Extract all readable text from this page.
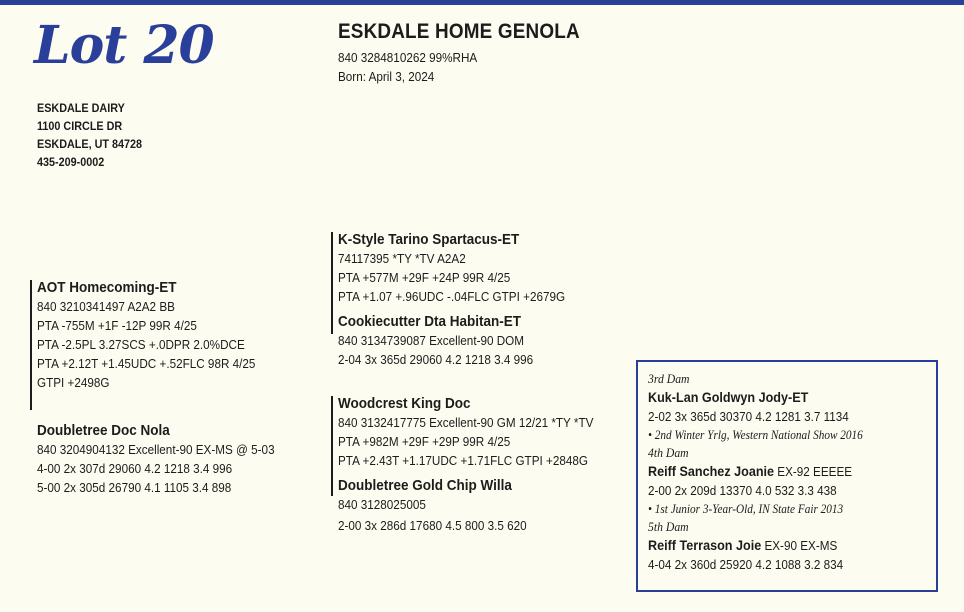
Lot 20
ESKDALE DAIRY
1100 CIRCLE DR
ESKDALE, UT 84728
435-209-0002
ESKDALE HOME GENOLA
840 3284810262 99%RHA
Born: April 3, 2024
AOT Homecoming-ET
840 3210341497 A2A2 BB
PTA -755M +1F -12P 99R 4/25
PTA -2.5PL 3.27SCS +.0DPR 2.0%DCE
PTA +2.12T +1.45UDC +.52FLC 98R 4/25
GTPI +2498G
Doubletree Doc Nola
840 3204904132 Excellent-90 EX-MS @ 5-03
4-00 2x 307d 29060 4.2 1218 3.4 996
5-00 2x 305d 26790 4.1 1105 3.4 898
K-Style Tarino Spartacus-ET
74117395 *TY *TV A2A2
PTA +577M +29F +24P 99R 4/25
PTA +1.07 +.96UDC -.04FLC GTPI +2679G
Cookiecutter Dta Habitan-ET
840 3134739087 Excellent-90 DOM
2-04 3x 365d 29060 4.2 1218 3.4 996
Woodcrest King Doc
840 3132417775 Excellent-90 GM 12/21 *TY *TV
PTA +982M +29F +29P 99R 4/25
PTA +2.43T +1.17UDC +1.71FLC GTPI +2848G
Doubletree Gold Chip Willa
840 3128025005
2-00 3x 286d 17680 4.5 800 3.5 620
3rd Dam
Kuk-Lan Goldwyn Jody-ET
2-02 3x 365d 30370 4.2 1281 3.7 1134
• 2nd Winter Yrlg, Western National Show 2016
4th Dam
Reiff Sanchez Joanie EX-92 EEEEE
2-00 2x 209d 13370 4.0 532 3.3 438
• 1st Junior 3-Year-Old, IN State Fair 2013
5th Dam
Reiff Terrason Joie EX-90 EX-MS
4-04 2x 360d 25920 4.2 1088 3.2 834
